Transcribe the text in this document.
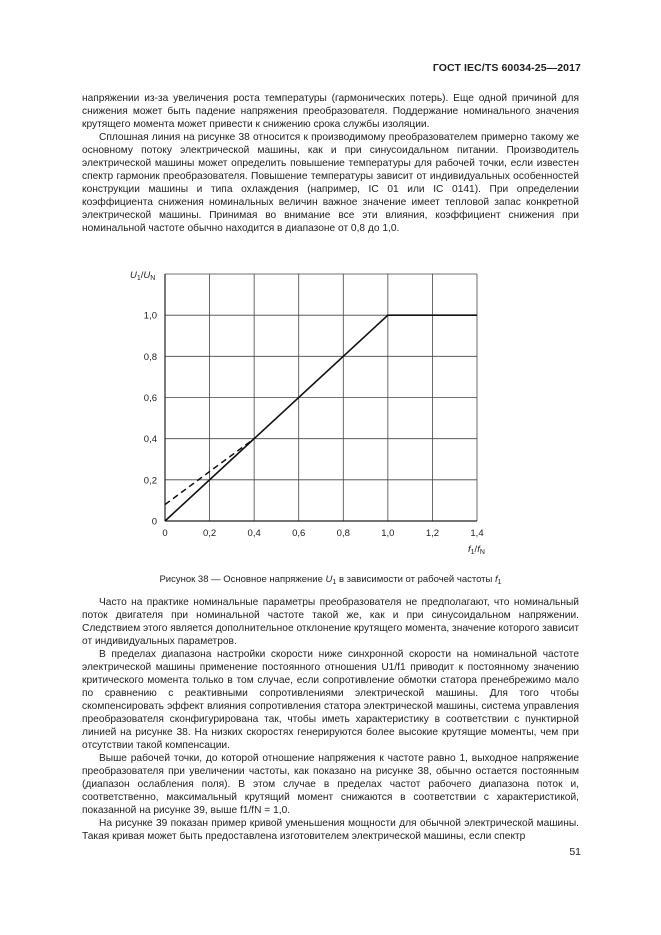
ГОСТ IEC/TS 60034-25—2017

напряжении из-за увеличения роста температуры (гармонических потерь). Еще одной причиной для снижения может быть падение напряжения преобразователя. Поддержание номинального значения крутящего момента может привести к снижению срока службы изоляции.

Сплошная линия на рисунке 38 относится к производимому преобразователем примерно такому же основному потоку электрической машины, как и при синусоидальном питании. Производитель электрической машины может определить повышение температуры для рабочей точки, если известен спектр гармоник преобразователя. Повышение температуры зависит от индивидуальных особенностей конструкции машины и типа охлаждения (например, IC 01 или IC 0141). При определении коэффициента снижения номинальных величин важное значение имеет тепловой запас конкретной электрической машины. Принимая во внимание все эти влияния, коэффициент снижения при номинальной частоте обычно находится в диапазоне от 0,8 до 1,0.

0	0,2	0,4	0,6	0,8	1,0	1,2	1,4
0
0,2
0,4
0,6
0,8
1,0
$U_1/U_N$
$f_1/f_N$
Рисунок 38 — Основное напряжение $U_1$ в зависимости от рабочей частоты $f_1$

Часто на практике номинальные параметры преобразователя не предполагают, что номинальный поток двигателя при номинальной частоте такой же, как и при синусоидальном напряжении. Следствием этого является дополнительное отклонение крутящего момента, значение которого зависит от индивидуальных параметров.

В пределах диапазона настройки скорости ниже синхронной скорости на номинальной частоте электрической машины применение постоянного отношения U1/f1 приводит к постоянному значению критического момента только в том случае, если сопротивление обмотки статора пренебрежимо мало по сравнению с реактивными сопротивлениями электрической машины. Для того чтобы скомпенсировать эффект влияния сопротивления статора электрической машины, система управления преобразователя сконфигурирована так, чтобы иметь характеристику в соответствии с пунктирной линией на рисунке 38. На низких скоростях генерируются более высокие крутящие моменты, чем при отсутствии такой компенсации.

Выше рабочей точки, до которой отношение напряжения к частоте равно 1, выходное напряжение преобразователя при увеличении частоты, как показано на рисунке 38, обычно остается постоянным (диапазон ослабления поля). В этом случае в пределах частот рабочего диапазона поток и, соответственно, максимальный крутящий момент снижаются в соответствии с характеристикой, показанной на рисунке 39, выше f1/fN = 1,0.

На рисунке 39 показан пример кривой уменьшения мощности для обычной электрической машины. Такая кривая может быть предоставлена изготовителем электрической машины, если спектр

51
